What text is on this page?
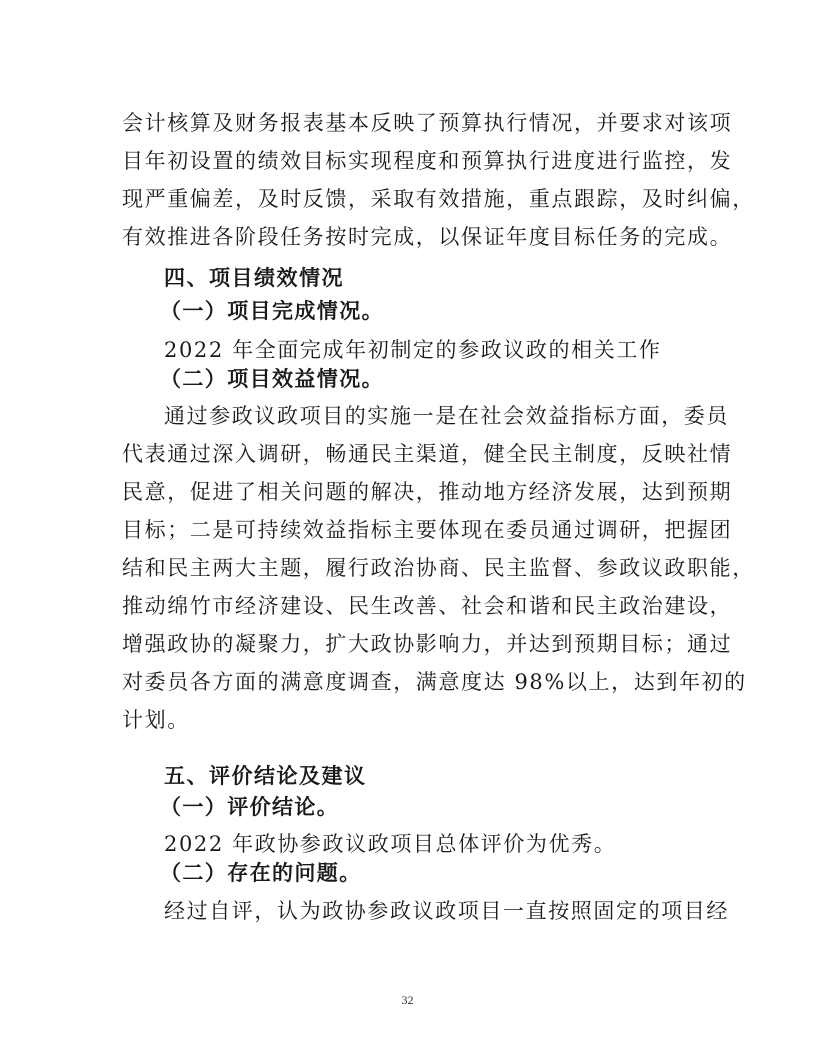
会计核算及财务报表基本反映了预算执行情况，并要求对该项
目年初设置的绩效目标实现程度和预算执行进度进行监控，发
现严重偏差，及时反馈，采取有效措施，重点跟踪，及时纠偏，
有效推进各阶段任务按时完成，以保证年度目标任务的完成。
四、项目绩效情况
（一）项目完成情况。
2022 年全面完成年初制定的参政议政的相关工作
（二）项目效益情况。
通过参政议政项目的实施一是在社会效益指标方面，委员
代表通过深入调研，畅通民主渠道，健全民主制度，反映社情
民意，促进了相关问题的解决，推动地方经济发展，达到预期
目标；二是可持续效益指标主要体现在委员通过调研，把握团
结和民主两大主题，履行政治协商、民主监督、参政议政职能，
推动绵竹市经济建设、民生改善、社会和谐和民主政治建设，
增强政协的凝聚力，扩大政协影响力，并达到预期目标；通过
对委员各方面的满意度调查，满意度达 98%以上，达到年初的
计划。
五、评价结论及建议
（一）评价结论。
2022 年政协参政议政项目总体评价为优秀。
（二）存在的问题。
经过自评，认为政协参政议政项目一直按照固定的项目经
32
